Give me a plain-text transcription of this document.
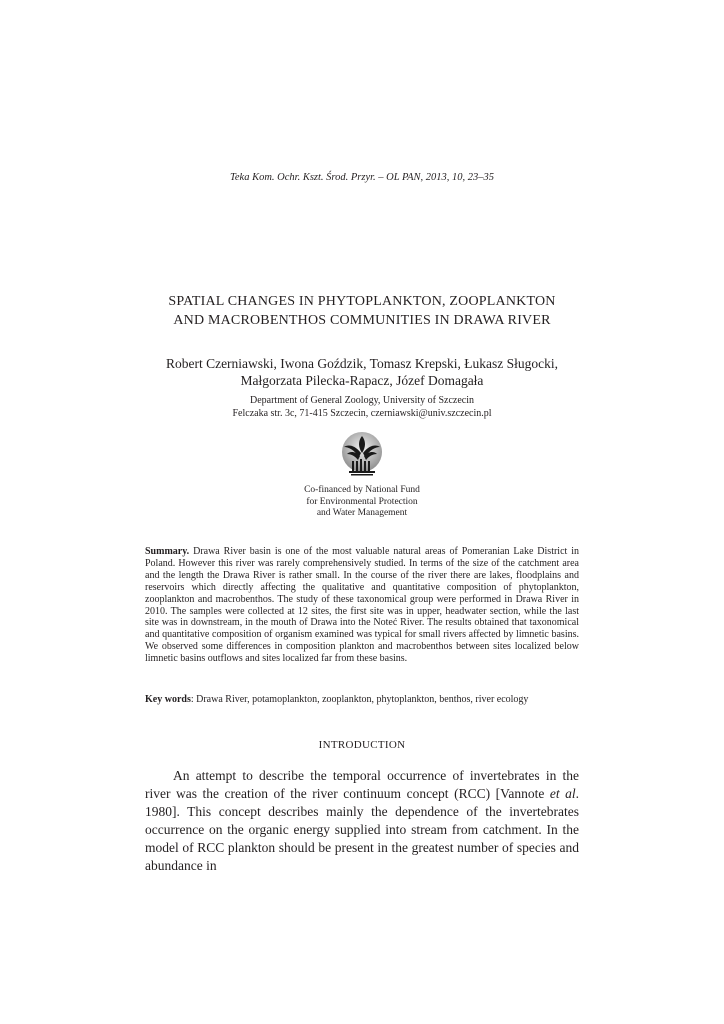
Teka Kom. Ochr. Kszt. Środ. Przyr. – OL PAN, 2013, 10, 23–35
SPATIAL CHANGES IN PHYTOPLANKTON, ZOOPLANKTON
AND MACROBENTHOS COMMUNITIES IN DRAWA RIVER
Robert Czerniawski, Iwona Goździk, Tomasz Krepski, Łukasz Sługocki,
Małgorzata Pilecka-Rapacz, Józef Domagała
Department of General Zoology, University of Szczecin
Felczaka str. 3c, 71-415 Szczecin, czerniawski@univ.szczecin.pl
Co-financed by National Fund
for Environmental Protection
and Water Management
Summary. Drawa River basin is one of the most valuable natural areas of Pomeranian Lake District in Poland. However this river was rarely comprehensively studied. In terms of the size of the catchment area and the length the Drawa River is rather small. In the course of the river there are lakes, floodplains and reservoirs which directly affecting the qualitative and quantitative composition of phytoplankton, zooplankton and macrobenthos. The study of these taxonomical group were performed in Drawa River in 2010. The samples were collected at 12 sites, the first site was in upper, headwater section, while the last site was in downstream, in the mouth of Drawa into the Noteć River. The results obtained that taxonomical and quantitative composition of organism examined was typical for small rivers affected by limnetic basins. We observed some differences in composition plankton and macrobenthos between sites localized below limnetic basins outflows and sites localized far from these basins.
Key words: Drawa River, potamoplankton, zooplankton, phytoplankton, benthos, river ecology
INTRODUCTION
An attempt to describe the temporal occurrence of invertebrates in the river was the creation of the river continuum concept (RCC) [Vannote et al. 1980]. This concept describes mainly the dependence of the invertebrates occurrence on the organic energy supplied into stream from catchment. In the model of RCC plankton should be present in the greatest number of species and abundance in
